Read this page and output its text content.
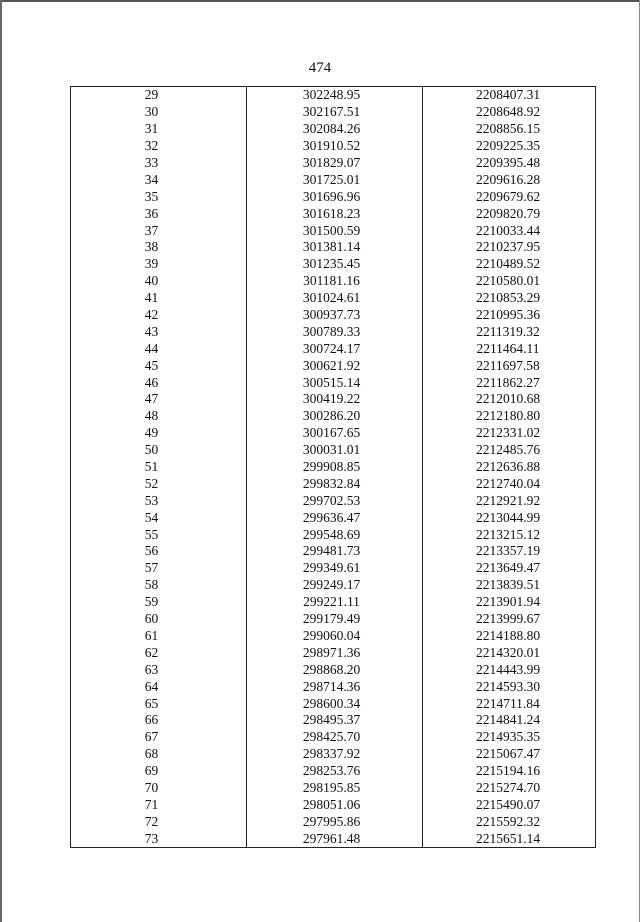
474
29	302248.95	2208407.31
30	302167.51	2208648.92
31	302084.26	2208856.15
32	301910.52	2209225.35
33	301829.07	2209395.48
34	301725.01	2209616.28
35	301696.96	2209679.62
36	301618.23	2209820.79
37	301500.59	2210033.44
38	301381.14	2210237.95
39	301235.45	2210489.52
40	301181.16	2210580.01
41	301024.61	2210853.29
42	300937.73	2210995.36
43	300789.33	2211319.32
44	300724.17	2211464.11
45	300621.92	2211697.58
46	300515.14	2211862.27
47	300419.22	2212010.68
48	300286.20	2212180.80
49	300167.65	2212331.02
50	300031.01	2212485.76
51	299908.85	2212636.88
52	299832.84	2212740.04
53	299702.53	2212921.92
54	299636.47	2213044.99
55	299548.69	2213215.12
56	299481.73	2213357.19
57	299349.61	2213649.47
58	299249.17	2213839.51
59	299221.11	2213901.94
60	299179.49	2213999.67
61	299060.04	2214188.80
62	298971.36	2214320.01
63	298868.20	2214443.99
64	298714.36	2214593.30
65	298600.34	2214711.84
66	298495.37	2214841.24
67	298425.70	2214935.35
68	298337.92	2215067.47
69	298253.76	2215194.16
70	298195.85	2215274.70
71	298051.06	2215490.07
72	297995.86	2215592.32
73	297961.48	2215651.14
